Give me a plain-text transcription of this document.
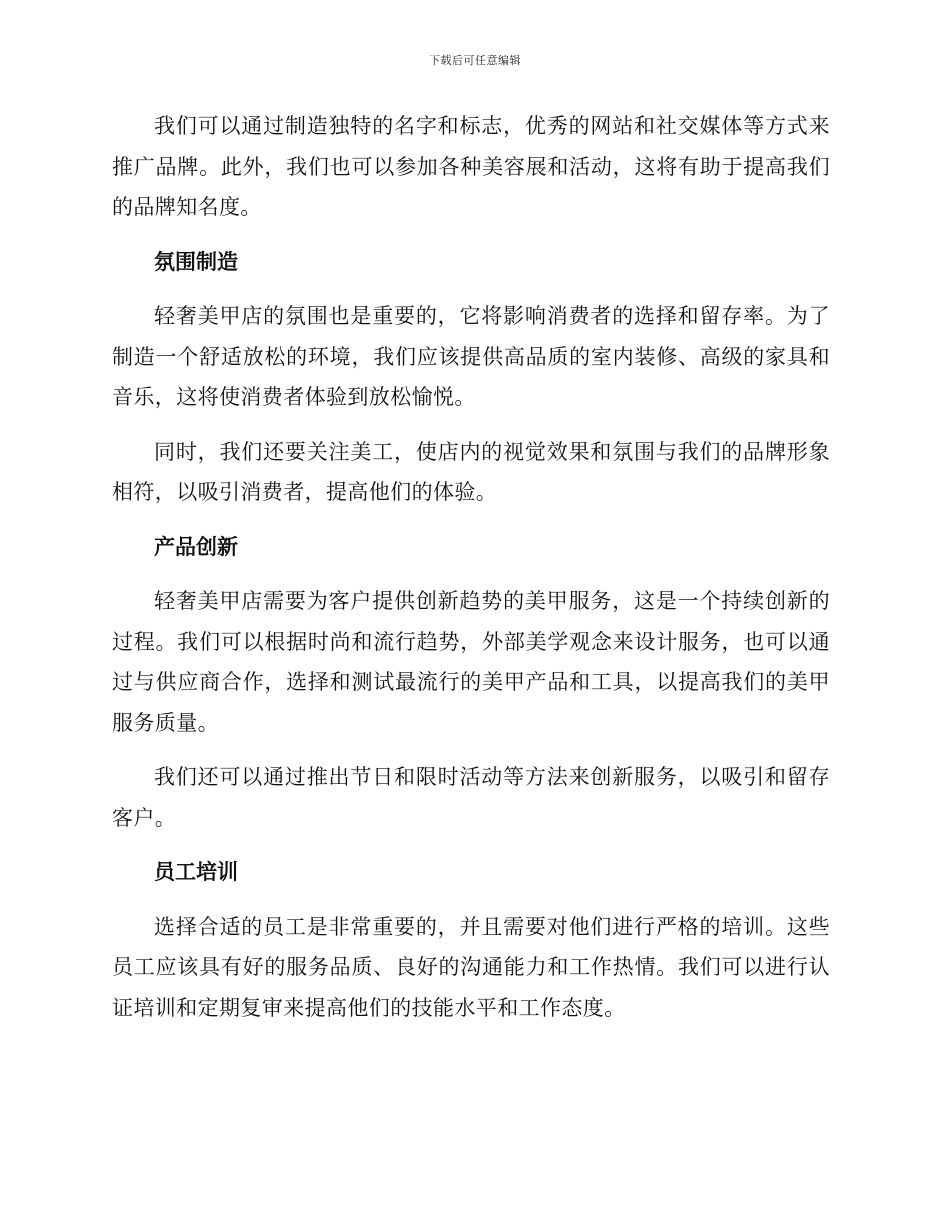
下载后可任意编辑

我们可以通过制造独特的名字和标志，优秀的网站和社交媒体等方式来推广品牌。此外，我们也可以参加各种美容展和活动，这将有助于提高我们的品牌知名度。

氛围制造

轻奢美甲店的氛围也是重要的，它将影响消费者的选择和留存率。为了制造一个舒适放松的环境，我们应该提供高品质的室内装修、高级的家具和音乐，这将使消费者体验到放松愉悦。

同时，我们还要关注美工，使店内的视觉效果和氛围与我们的品牌形象相符，以吸引消费者，提高他们的体验。

产品创新

轻奢美甲店需要为客户提供创新趋势的美甲服务，这是一个持续创新的过程。我们可以根据时尚和流行趋势，外部美学观念来设计服务，也可以通过与供应商合作，选择和测试最流行的美甲产品和工具，以提高我们的美甲服务质量。

我们还可以通过推出节日和限时活动等方法来创新服务，以吸引和留存客户。

员工培训

选择合适的员工是非常重要的，并且需要对他们进行严格的培训。这些员工应该具有好的服务品质、良好的沟通能力和工作热情。我们可以进行认证培训和定期复审来提高他们的技能水平和工作态度。
